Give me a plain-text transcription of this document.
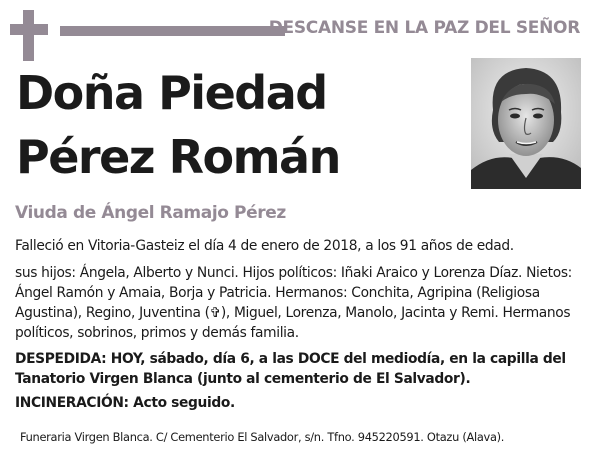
DESCANSE EN LA PAZ DEL SEÑOR
Doña Piedad
Pérez Román
Viuda de Ángel Ramajo Pérez

Falleció en Vitoria-Gasteiz el día 4 de enero de 2018, a los 91 años de edad.

sus hijos: Ángela, Alberto y Nunci. Hijos políticos: Iñaki Araico y Lorenza Díaz. Nietos: Ángel Ramón y Amaia, Borja y Patricia. Hermanos: Conchita, Agripina (Religiosa Agustina), Regino, Juventina (✞), Miguel, Lorenza, Manolo, Jacinta y Remi. Hermanos políticos, sobrinos, primos y demás familia.

DESPEDIDA: HOY, sábado, día 6, a las DOCE del mediodía, en la capilla del Tanatorio Virgen Blanca (junto al cementerio de El Salvador).

INCINERACIÓN: Acto seguido.

Funeraria Virgen Blanca. C/ Cementerio El Salvador, s/n. Tfno. 945220591. Otazu (Alava).
